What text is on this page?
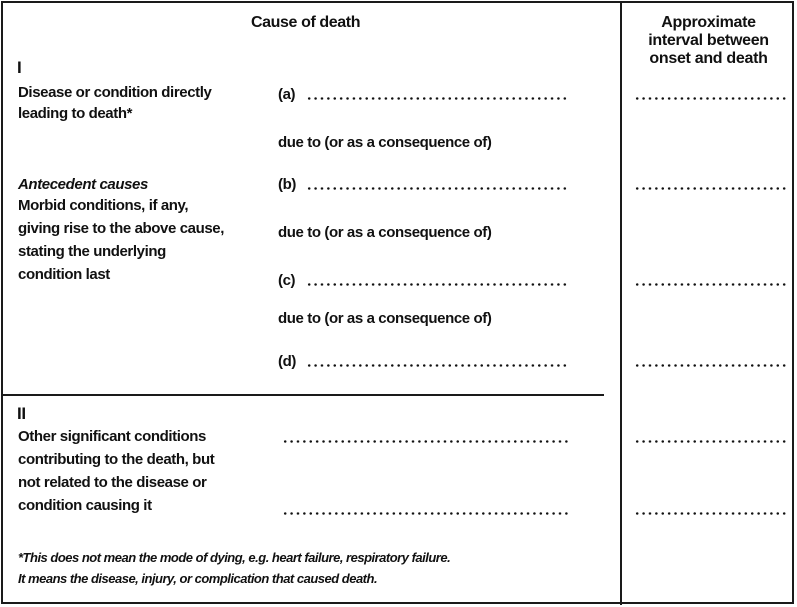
Cause of death	Approximate
interval between
onset and death
I
Disease or condition directly
leading to death*
Antecedent causes
Morbid conditions, if any,
giving rise to the above cause,
stating the underlying
condition last
(a)
due to (or as a consequence of)
(b)
due to (or as a consequence of)
(c)
due to (or as a consequence of)
(d)
II
Other significant conditions
contributing to the death, but
not related to the disease or
condition causing it
*This does not mean the mode of dying, e.g. heart failure, respiratory failure.
It means the disease, injury, or complication that caused death.
